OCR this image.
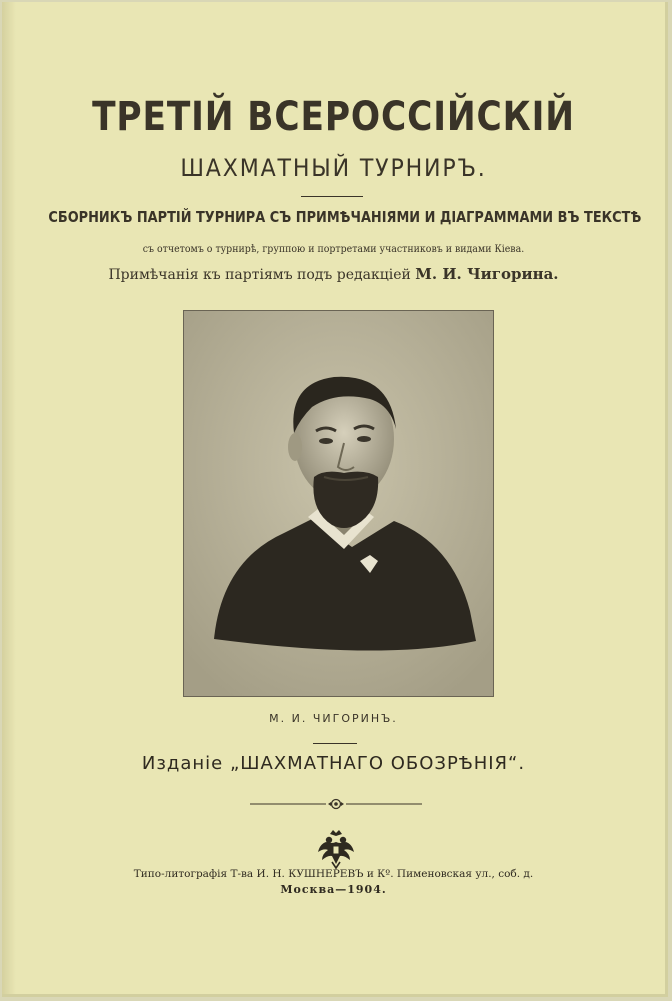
ТРЕТІЙ ВСЕРОССІЙСКІЙ
ШАХМАТНЫЙ ТУРНИРЪ.
СБОРНИКЪ ПАРТІЙ ТУРНИРА СЪ ПРИМѢЧАНІЯМИ И ДІАГРАММАМИ ВЪ ТЕКСТѢ
съ отчетомъ о турнирѣ, группою и портретами участниковъ и видами Кіева.
Примѣчанія къ партіямъ подъ редакціей М. И. Чигорина.
М. И. ЧИГОРИНЪ.
Изданіе „ШАХМАТНАГО ОБОЗРѢНІЯ“.
Типо-литографія Т-ва И. Н. КУШНЕРЕВЪ и Кº. Пименовская ул., соб. д.
Москва—1904.
